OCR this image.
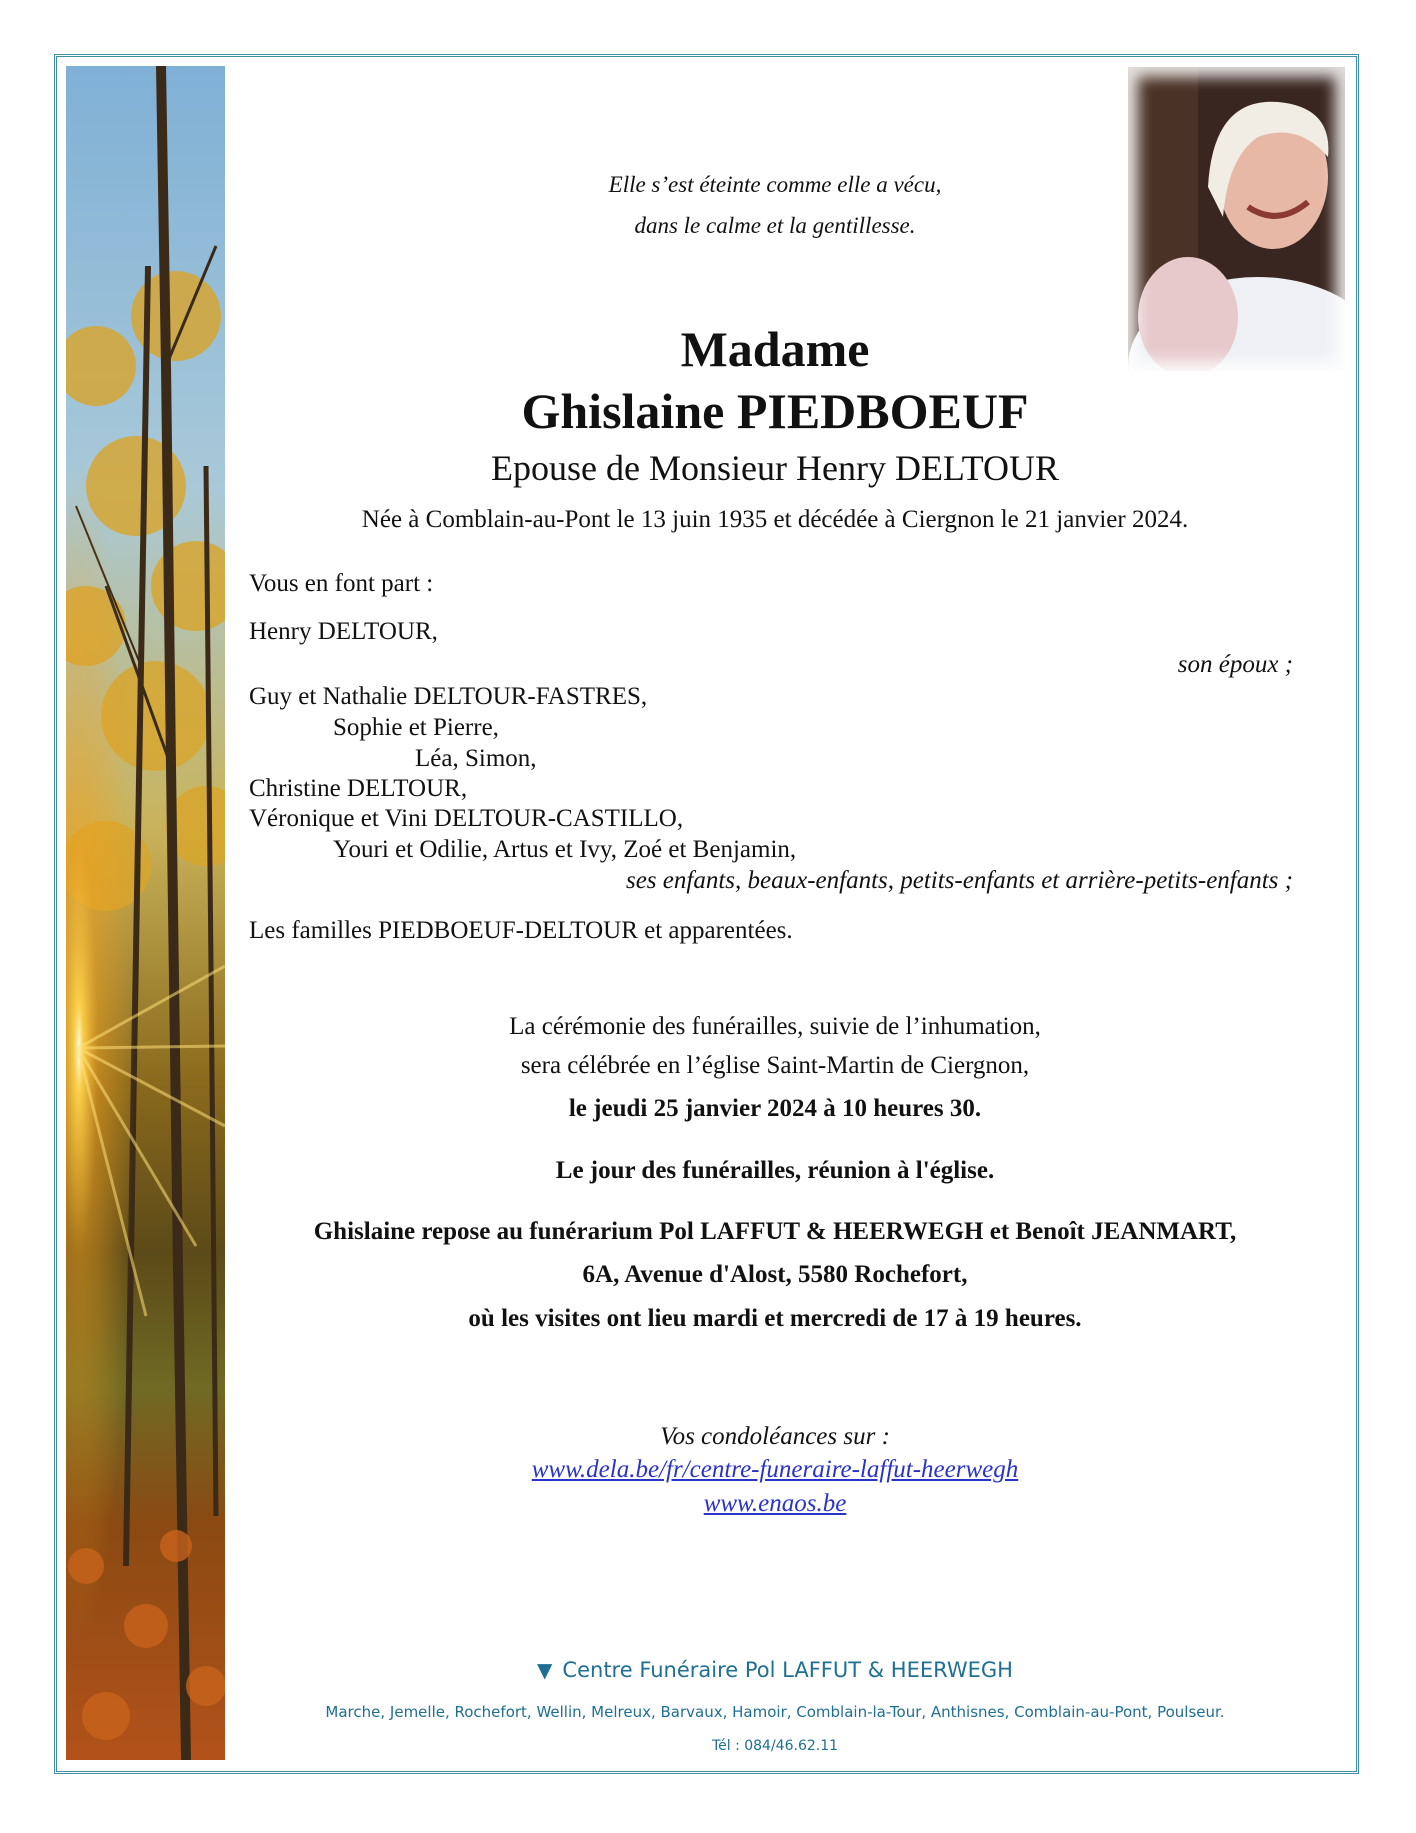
Elle s’est éteinte comme elle a vécu,
dans le calme et la gentillesse.
Madame
Ghislaine PIEDBOEUF
Epouse de Monsieur Henry DELTOUR
Née à Comblain-au-Pont le 13 juin 1935 et décédée à Ciergnon le 21 janvier 2024.
Vous en font part :
Henry DELTOUR,
son époux ;
Guy et Nathalie DELTOUR-FASTRES,
Sophie et Pierre,
Léa, Simon,
Christine DELTOUR,
Véronique et Vini DELTOUR-CASTILLO,
Youri et Odilie, Artus et Ivy, Zoé et Benjamin,
ses enfants, beaux-enfants, petits-enfants et arrière-petits-enfants ;
Les familles PIEDBOEUF-DELTOUR et apparentées.
La cérémonie des funérailles, suivie de l’inhumation,
sera célébrée en l’église Saint-Martin de Ciergnon,
le jeudi 25 janvier 2024 à 10 heures 30.
Le jour des funérailles, réunion à l'église.
Ghislaine repose au funérarium Pol LAFFUT & HEERWEGH et Benoît JEANMART,
6A, Avenue d'Alost, 5580 Rochefort,
où les visites ont lieu mardi et mercredi de 17 à 19 heures.
Vos condoléances sur :
www.dela.be/fr/centre-funeraire-laffut-heerwegh
www.enaos.be
▼ Centre Funéraire Pol LAFFUT & HEERWEGH
Marche, Jemelle, Rochefort, Wellin, Melreux, Barvaux, Hamoir, Comblain-la-Tour, Anthisnes, Comblain-au-Pont, Poulseur.
Tél : 084/46.62.11
